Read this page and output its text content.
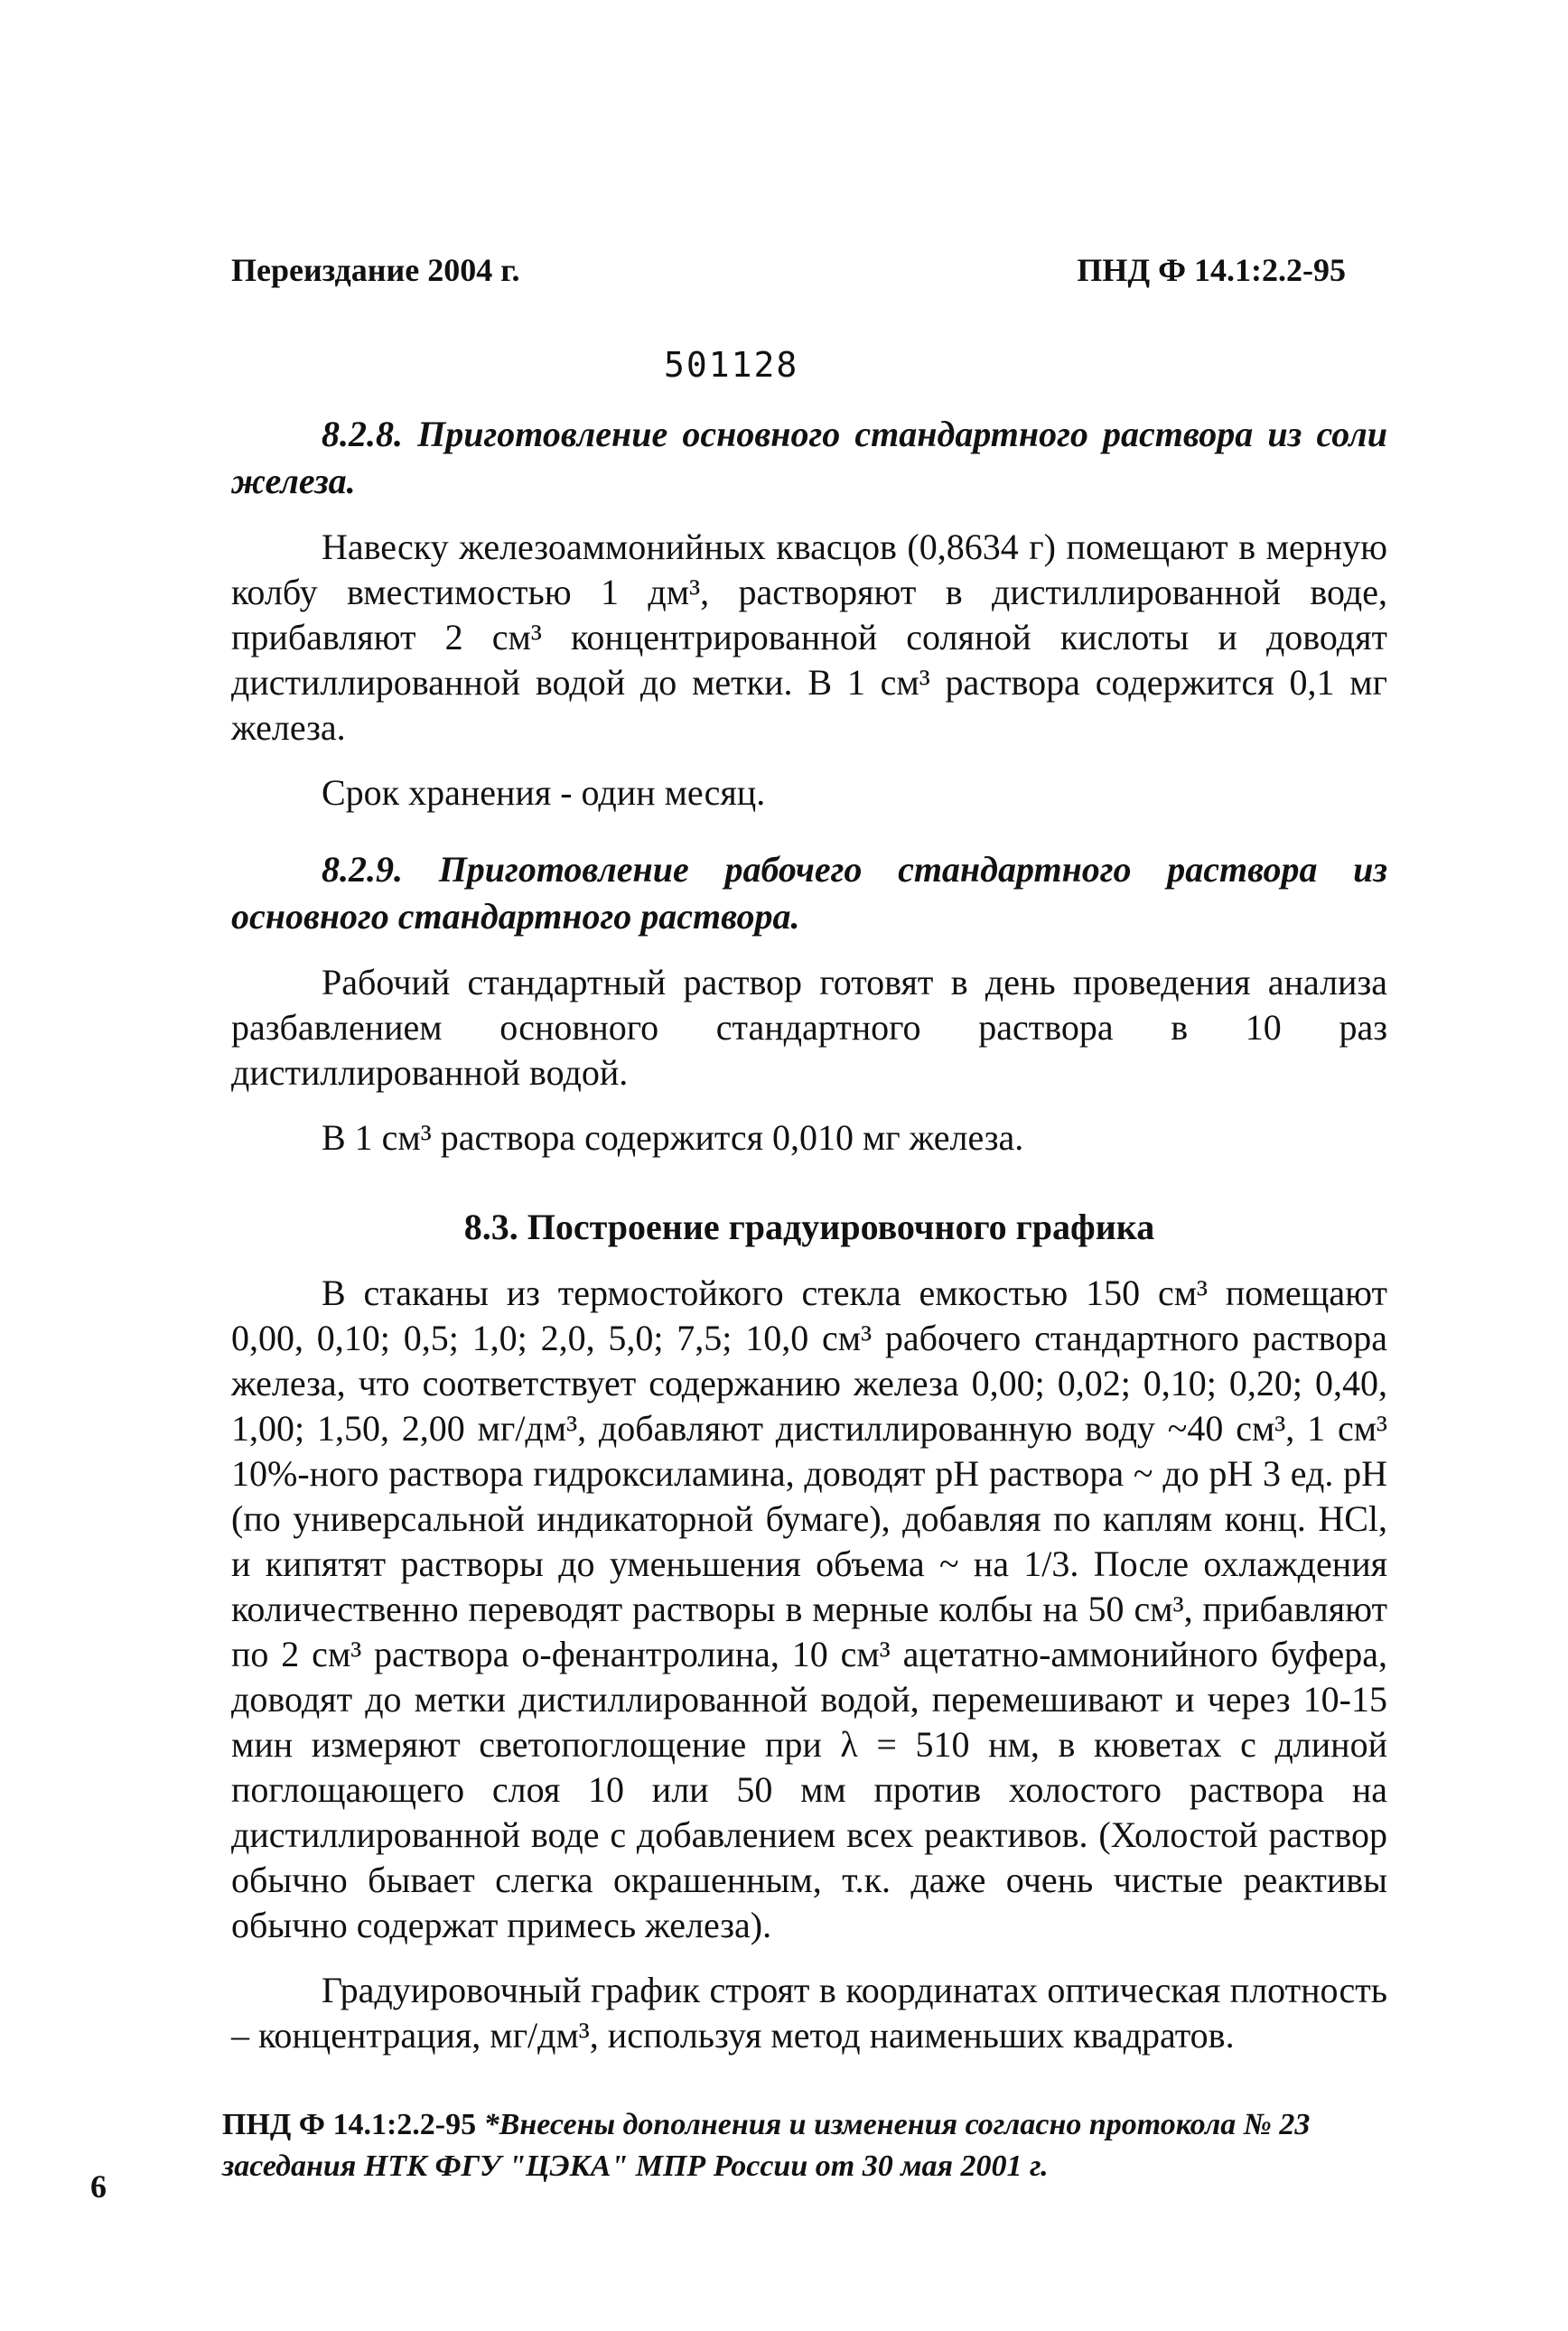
Переиздание 2004 г.	ПНД Ф 14.1:2.2-95
501128

8.2.8. Приготовление основного стандартного раствора из соли железа.

Навеску железоаммонийных квасцов (0,8634 г) помещают в мерную колбу вместимостью 1 дм³, растворяют в дистиллированной воде, прибавляют 2 см³ концентрированной соляной кислоты и доводят дистиллированной водой до метки. В 1 см³ раствора содержится 0,1 мг железа.

Срок хранения - один месяц.

8.2.9. Приготовление рабочего стандартного раствора из основного стандартного раствора.

Рабочий стандартный раствор готовят в день проведения анализа разбавлением основного стандартного раствора в 10 раз дистиллированной водой.

В 1 см³ раствора содержится 0,010 мг железа.

8.3. Построение градуировочного графика

В стаканы из термостойкого стекла емкостью 150 см³ помещают 0,00, 0,10; 0,5; 1,0; 2,0, 5,0; 7,5; 10,0 см³ рабочего стандартного раствора железа, что соответствует содержанию железа 0,00; 0,02; 0,10; 0,20; 0,40, 1,00; 1,50, 2,00 мг/дм³, добавляют дистиллированную воду ~40 см³, 1 см³ 10%-ного раствора гидроксиламина, доводят pH раствора ~ до pH 3 ед. pH (по универсальной индикаторной бумаге), добавляя по каплям конц. HCl, и кипятят растворы до уменьшения объема ~ на 1/3. После охлаждения количественно переводят растворы в мерные колбы на 50 см³, прибавляют по 2 см³ раствора о-фенантролина, 10 см³ ацетатно-аммонийного буфера, доводят до метки дистиллированной водой, перемешивают и через 10-15 мин измеряют светопоглощение при λ = 510 нм, в кюветах с длиной поглощающего слоя 10 или 50 мм против холостого раствора на дистиллированной воде с добавлением всех реактивов. (Холостой раствор обычно бывает слегка окрашенным, т.к. даже очень чистые реактивы обычно содержат примесь железа).

Градуировочный график строят в координатах оптическая плотность – концентрация, мг/дм³, используя метод наименьших квадратов.

ПНД Ф 14.1:2.2-95 *Внесены дополнения и изменения согласно протокола № 23 заседания НТК ФГУ "ЦЭКА" МПР России от 30 мая 2001 г.
6
